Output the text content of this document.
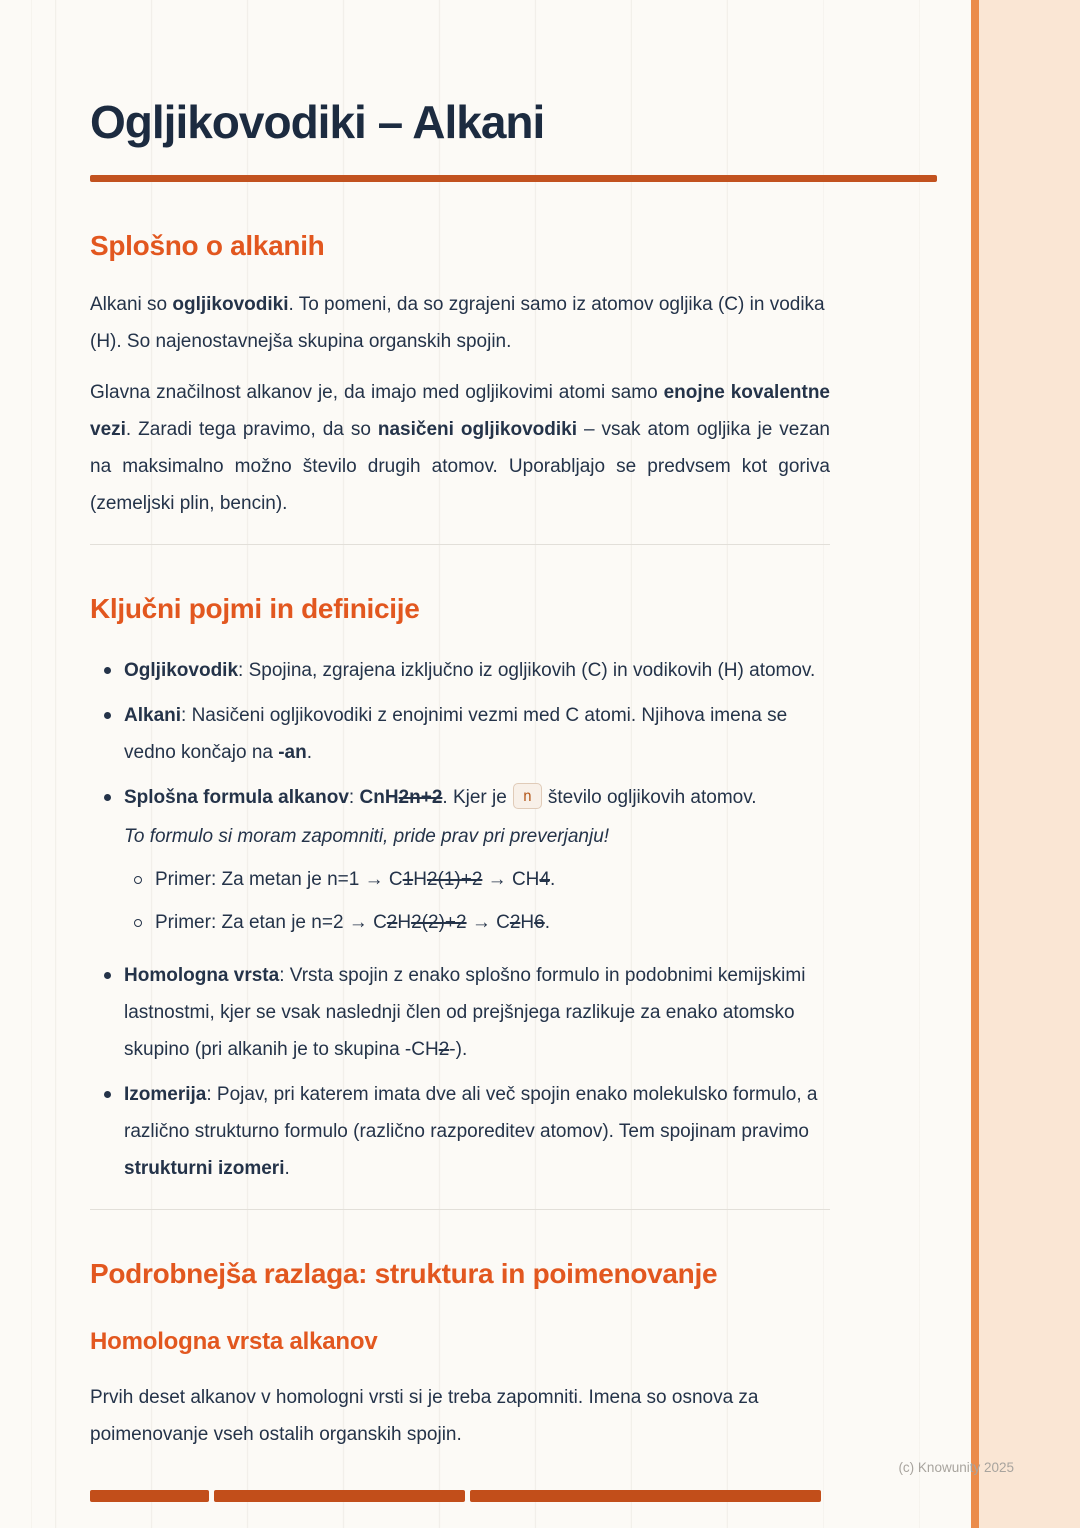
Ogljikovodiki – Alkani
Splošno o alkanih

Alkani so ogljikovodiki. To pomeni, da so zgrajeni samo iz atomov ogljika (C) in vodika (H). So najenostavnejša skupina organskih spojin.

Glavna značilnost alkanov je, da imajo med ogljikovimi atomi samo enojne kovalentne vezi. Zaradi tega pravimo, da so nasičeni ogljikovodiki – vsak atom ogljika je vezan na maksimalno možno število drugih atomov. Uporabljajo se predvsem kot goriva (zemeljski plin, bencin).

Ključni pojmi in definicije
Ogljikovodik: Spojina, zgrajena izključno iz ogljikovih (C) in vodikovih (H) atomov.
Alkani: Nasičeni ogljikovodiki z enojnimi vezmi med C atomi. Njihova imena se vedno končajo na -an.
Splošna formula alkanov: CnH2n+2. Kjer je n število ogljikovih atomov.
To formulo si moram zapomniti, pride prav pri preverjanju!
Primer: Za metan je n=1 → C1H2(1)+2 → CH4.
Primer: Za etan je n=2 → C2H2(2)+2 → C2H6.
Homologna vrsta: Vrsta spojin z enako splošno formulo in podobnimi kemijskimi lastnostmi, kjer se vsak naslednji člen od prejšnjega razlikuje za enako atomsko skupino (pri alkanih je to skupina -CH2-).
Izomerija: Pojav, pri katerem imata dve ali več spojin enako molekulsko formulo, a različno strukturno formulo (različno razporeditev atomov). Tem spojinam pravimo strukturni izomeri.
Podrobnejša razlaga: struktura in poimenovanje
Homologna vrsta alkanov

Prvih deset alkanov v homologni vrsti si je treba zapomniti. Imena so osnova za poimenovanje vseh ostalih organskih spojin.

(c) Knowunity 2025
